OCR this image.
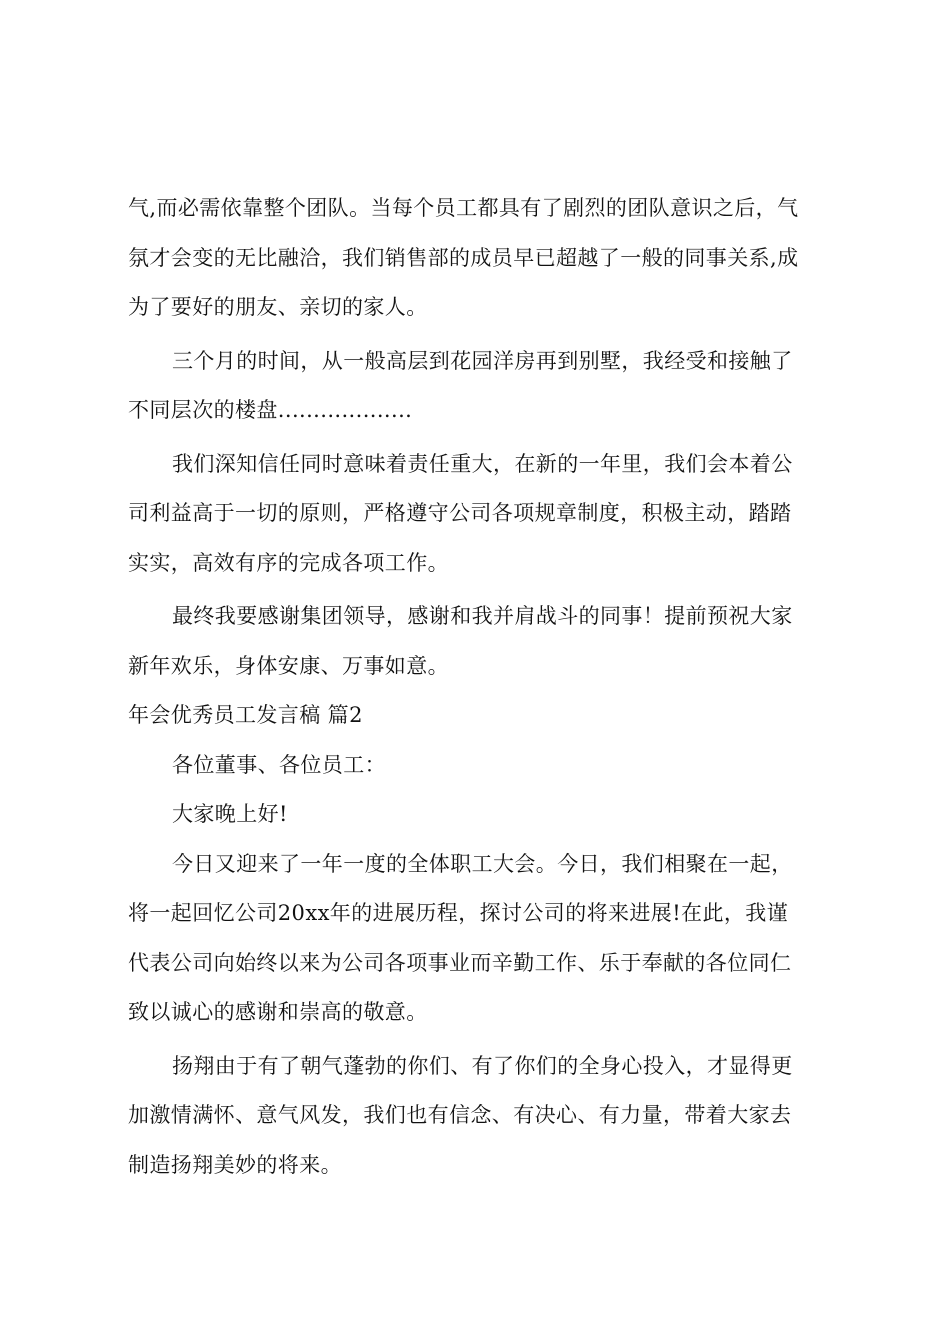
气,而必需依靠整个团队。当每个员工都具有了剧烈的团队意识之后，气
氛才会变的无比融洽，我们销售部的成员早已超越了一般的同事关系,成
为了要好的朋友、亲切的家人。
三个月的时间，从一般高层到花园洋房再到别墅，我经受和接触了
不同层次的楼盘...................
我们深知信任同时意味着责任重大，在新的一年里，我们会本着公
司利益高于一切的原则，严格遵守公司各项规章制度，积极主动，踏踏
实实，高效有序的完成各项工作。
最终我要感谢集团领导，感谢和我并肩战斗的同事！提前预祝大家
新年欢乐，身体安康、万事如意。
年会优秀员工发言稿 篇2
各位董事、各位员工：
大家晚上好!
今日又迎来了一年一度的全体职工大会。今日，我们相聚在一起，
将一起回忆公司20xx年的进展历程，探讨公司的将来进展!在此，我谨
代表公司向始终以来为公司各项事业而辛勤工作、乐于奉献的各位同仁
致以诚心的感谢和崇高的敬意。
扬翔由于有了朝气蓬勃的你们、有了你们的全身心投入，才显得更
加激情满怀、意气风发，我们也有信念、有决心、有力量，带着大家去
制造扬翔美妙的将来。
